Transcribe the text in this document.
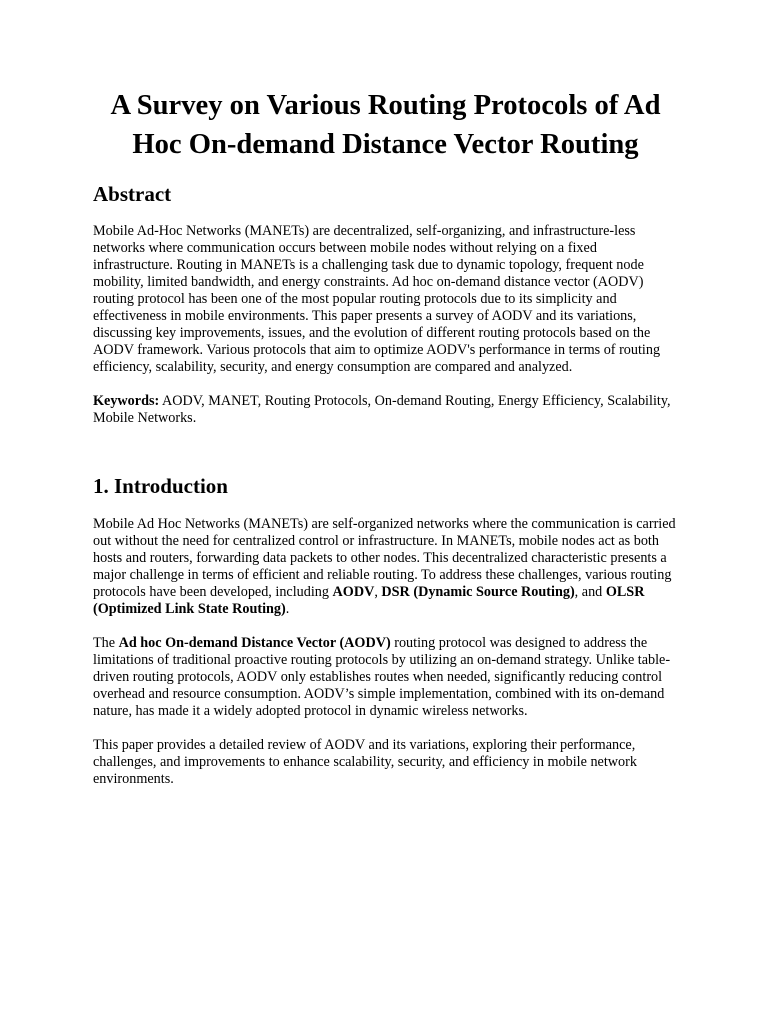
A Survey on Various Routing Protocols of Ad Hoc On-demand Distance Vector Routing
Abstract

Mobile Ad-Hoc Networks (MANETs) are decentralized, self-organizing, and infrastructure-less networks where communication occurs between mobile nodes without relying on a fixed infrastructure. Routing in MANETs is a challenging task due to dynamic topology, frequent node mobility, limited bandwidth, and energy constraints. Ad hoc on-demand distance vector (AODV) routing protocol has been one of the most popular routing protocols due to its simplicity and effectiveness in mobile environments. This paper presents a survey of AODV and its variations, discussing key improvements, issues, and the evolution of different routing protocols based on the AODV framework. Various protocols that aim to optimize AODV's performance in terms of routing efficiency, scalability, security, and energy consumption are compared and analyzed.

Keywords: AODV, MANET, Routing Protocols, On-demand Routing, Energy Efficiency, Scalability, Mobile Networks.

1. Introduction

Mobile Ad Hoc Networks (MANETs) are self-organized networks where the communication is carried out without the need for centralized control or infrastructure. In MANETs, mobile nodes act as both hosts and routers, forwarding data packets to other nodes. This decentralized characteristic presents a major challenge in terms of efficient and reliable routing. To address these challenges, various routing protocols have been developed, including AODV, DSR (Dynamic Source Routing), and OLSR (Optimized Link State Routing).

The Ad hoc On-demand Distance Vector (AODV) routing protocol was designed to address the limitations of traditional proactive routing protocols by utilizing an on-demand strategy. Unlike table-driven routing protocols, AODV only establishes routes when needed, significantly reducing control overhead and resource consumption. AODV’s simple implementation, combined with its on-demand nature, has made it a widely adopted protocol in dynamic wireless networks.

This paper provides a detailed review of AODV and its variations, exploring their performance, challenges, and improvements to enhance scalability, security, and efficiency in mobile network environments.
